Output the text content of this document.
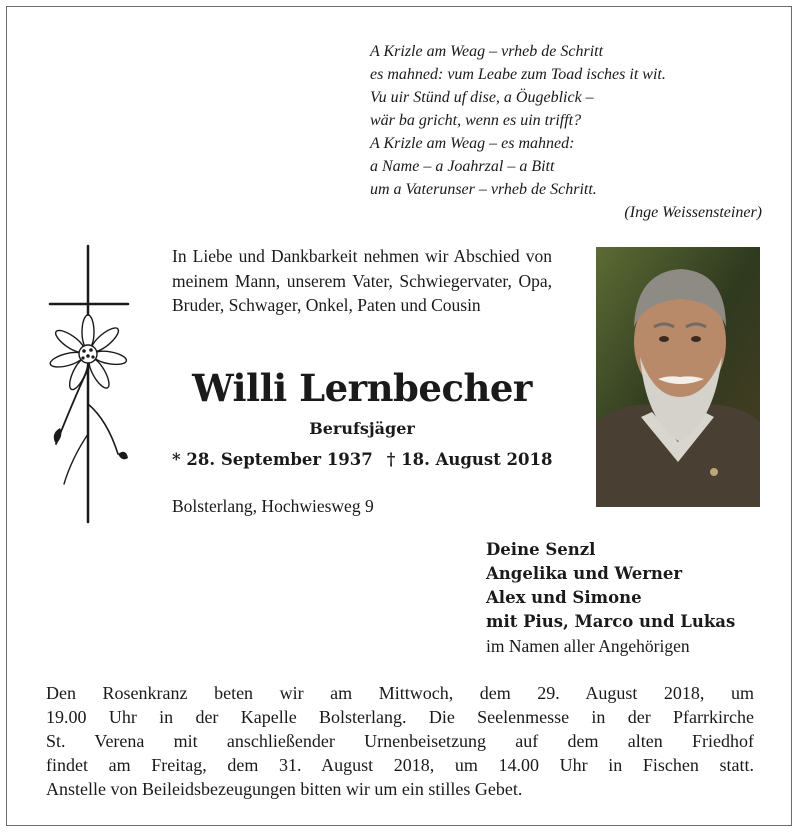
A Krizle am Weag – vrheb de Schritt
es mahned: vum Leabe zum Toad isches it wit.
Vu uir Stünd uf dise, a Öugeblick –
wär ba gricht, wenn es uin trifft?
A Krizle am Weag – es mahned:
a Name – a Joahrzal – a Bitt
um a Vaterunser – vrheb de Schritt.
(Inge Weissensteiner)
In Liebe und Dankbarkeit nehmen wir Abschied von meinem Mann, unserem Vater, Schwiegervater, Opa, Bruder, Schwager, Onkel, Paten und Cousin
Willi Lernbecher
Berufsjäger
* 28. September 1937 † 18. August 2018
Bolsterlang, Hochwiesweg 9
Deine Senzl
Angelika und Werner
Alex und Simone
mit Pius, Marco und Lukas
im Namen aller Angehörigen
Den Rosenkranz beten wir am Mittwoch, dem 29. August 2018, um
19.00 Uhr in der Kapelle Bolsterlang. Die Seelenmesse in der Pfarrkirche
St. Verena mit anschließender Urnenbeisetzung auf dem alten Friedhof
findet am Freitag, dem 31. August 2018, um 14.00 Uhr in Fischen statt.
Anstelle von Beileidsbezeugungen bitten wir um ein stilles Gebet.
